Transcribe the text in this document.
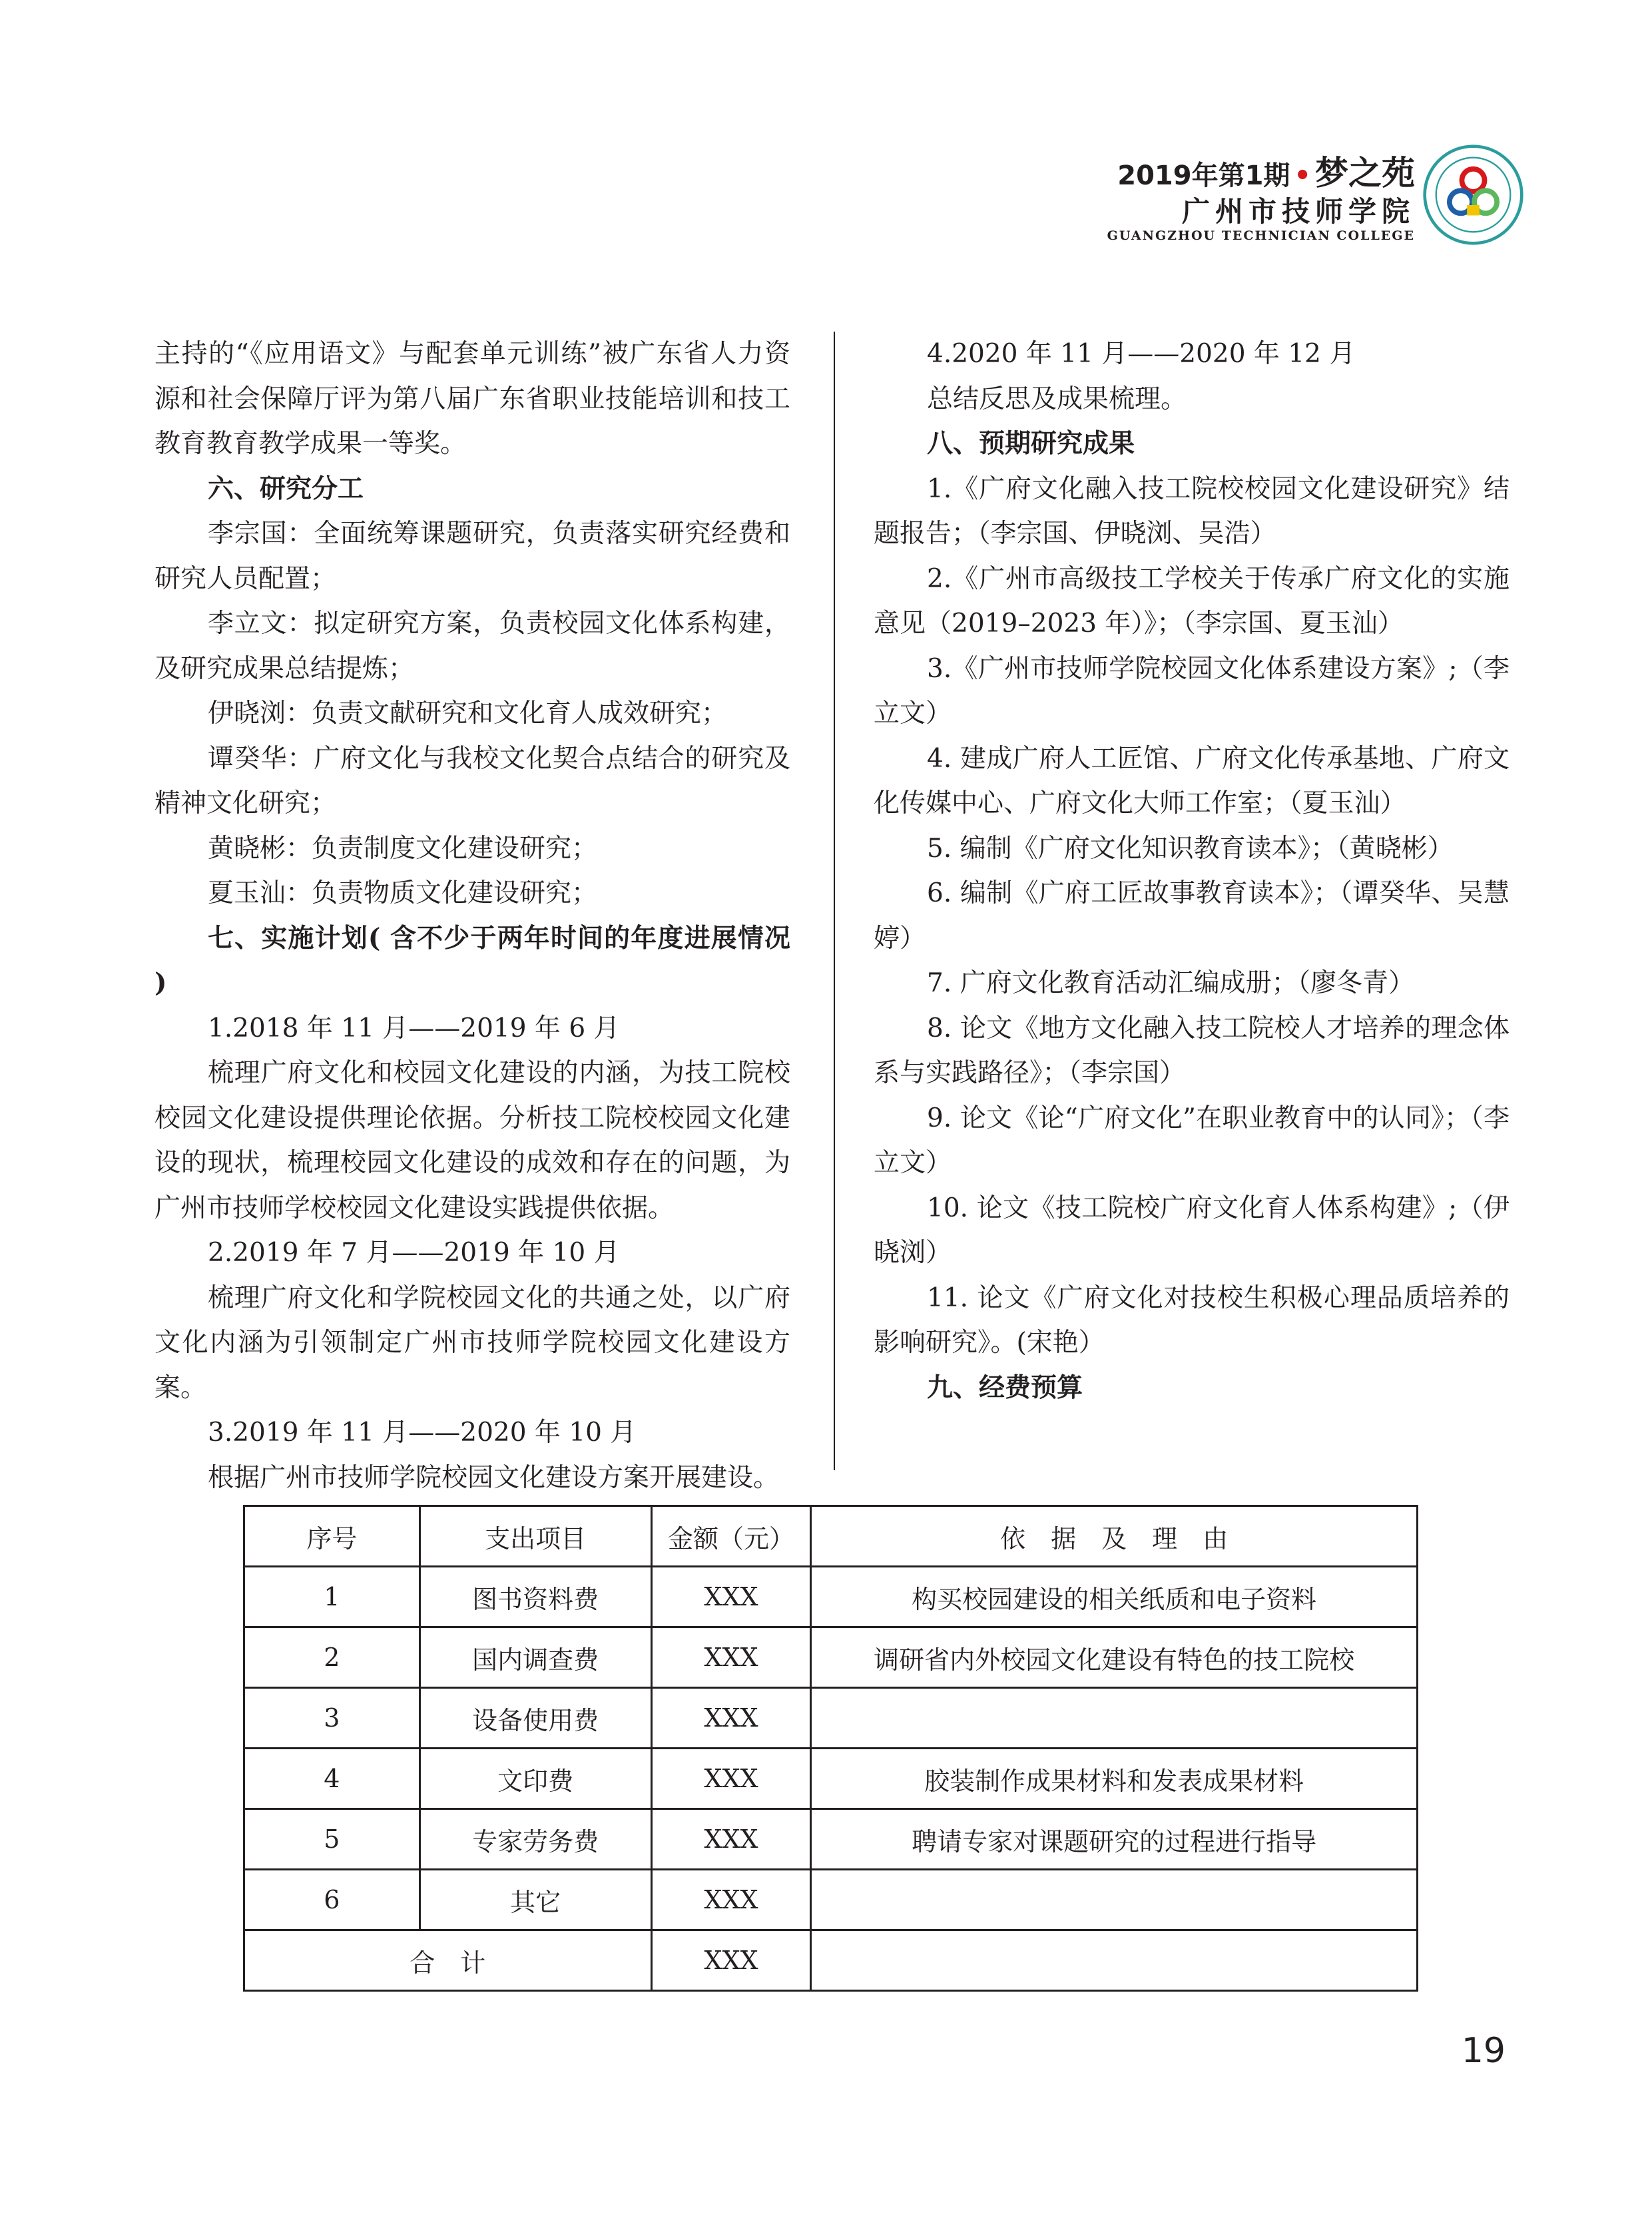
2019年第1期 • 梦之苑
广州市技师学院
GUANGZHOU TECHNICIAN COLLEGE

主持的“《应用语文》与配套单元训练”被广东省人力资源和社会保障厅评为第八届广东省职业技能培训和技工教育教育教学成果一等奖。

六、研究分工

李宗国：全面统筹课题研究，负责落实研究经费和研究人员配置；

李立文：拟定研究方案，负责校园文化体系构建，及研究成果总结提炼；

伊晓浏：负责文献研究和文化育人成效研究；

谭癸华：广府文化与我校文化契合点结合的研究及精神文化研究；

黄晓彬：负责制度文化建设研究；

夏玉汕：负责物质文化建设研究；

七、实施计划( 含不少于两年时间的年度进展情况 )

1.2018 年 11 月——2019 年 6 月

梳理广府文化和校园文化建设的内涵，为技工院校校园文化建设提供理论依据。分析技工院校校园文化建设的现状，梳理校园文化建设的成效和存在的问题，为广州市技师学校校园文化建设实践提供依据。

2.2019 年 7 月——2019 年 10 月

梳理广府文化和学院校园文化的共通之处，以广府文化内涵为引领制定广州市技师学院校园文化建设方案。

3.2019 年 11 月——2020 年 10 月

根据广州市技师学院校园文化建设方案开展建设。

4.2020 年 11 月——2020 年 12 月

总结反思及成果梳理。

八、预期研究成果

1.《广府文化融入技工院校校园文化建设研究》结题报告；（李宗国、伊晓浏、吴浩）

2.《广州市高级技工学校关于传承广府文化的实施意见（2019–2023 年）》；（李宗国、夏玉汕）

3.《广州市技师学院校园文化体系建设方案》;（李立文）

4. 建成广府人工匠馆、广府文化传承基地、广府文化传媒中心、广府文化大师工作室；（夏玉汕）

5. 编制《广府文化知识教育读本》；（黄晓彬）

6. 编制《广府工匠故事教育读本》；（谭癸华、吴慧婷）

7. 广府文化教育活动汇编成册；（廖冬青）

8. 论文《地方文化融入技工院校人才培养的理念体系与实践路径》；（李宗国）

9. 论文《论“广府文化”在职业教育中的认同》；（李立文）

10. 论文《技工院校广府文化育人体系构建》;（伊晓浏）

11. 论文《广府文化对技校生积极心理品质培养的影响研究》。(宋艳）

九、经费预算

序号	支出项目	金额（元）	依　据　及　理　由
1	图书资料费	XXX	构买校园建设的相关纸质和电子资料
2	国内调查费	XXX	调研省内外校园文化建设有特色的技工院校
3	设备使用费	XXX	
4	文印费	XXX	胶装制作成果材料和发表成果材料
5	专家劳务费	XXX	聘请专家对课题研究的过程进行指导
6	其它	XXX	
合　计		XXX	
19
